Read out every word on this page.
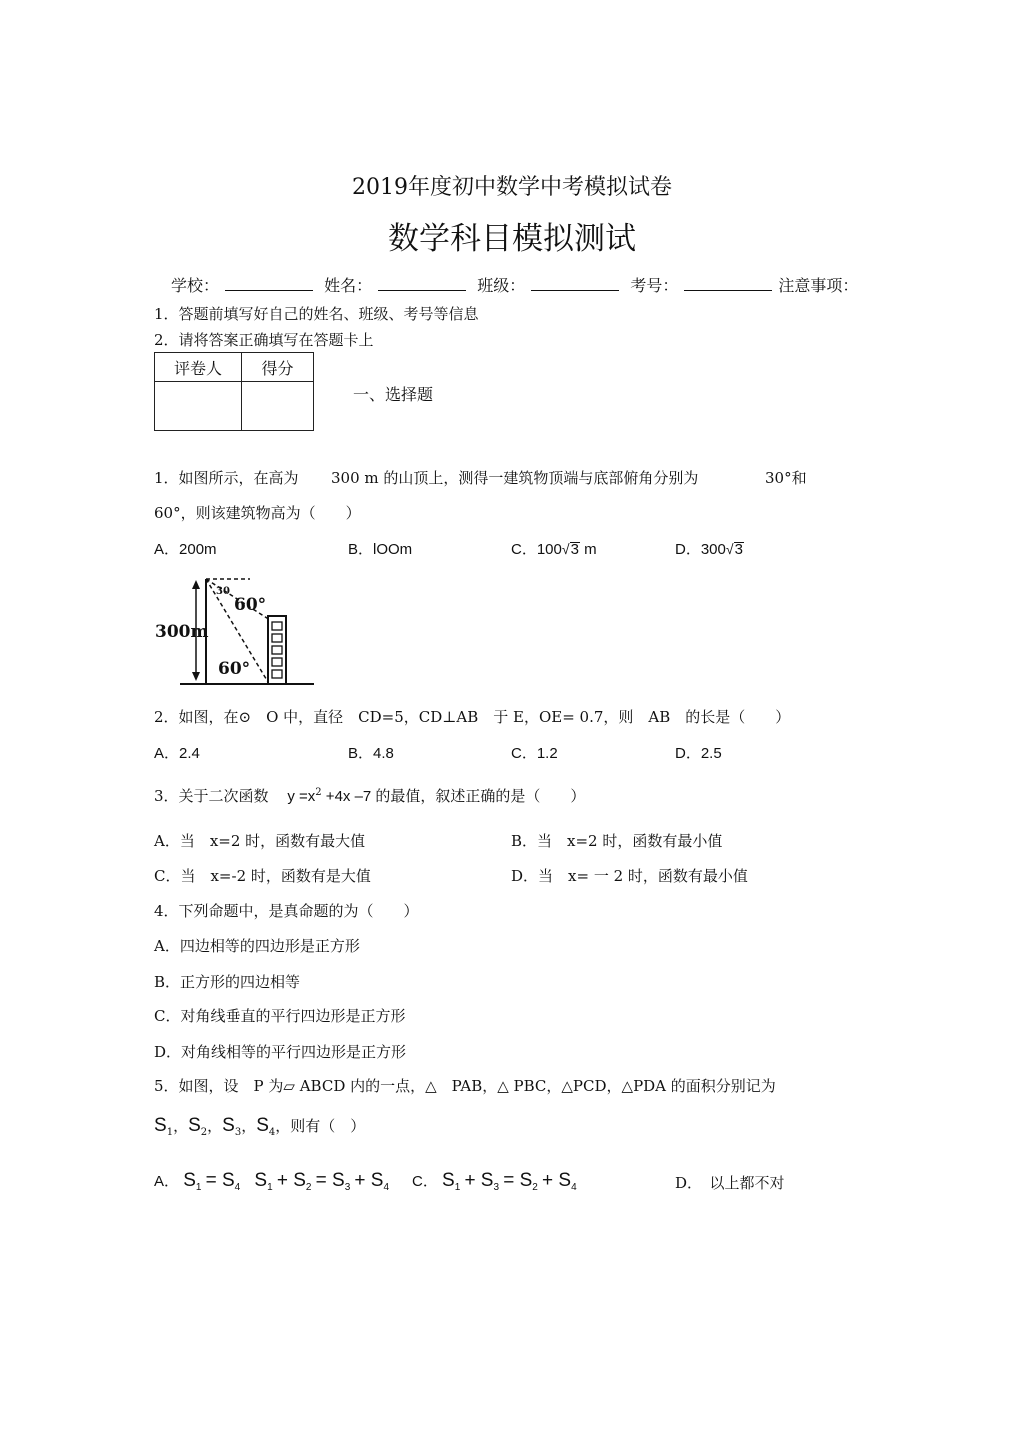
2019年度初中数学中考模拟试卷
数学科目模拟测试
学校：	姓名：	班级：	考号：	注意事项：
1．答题前填写好自己的姓名、班级、考号等信息
2．请将答案正确填写在答题卡上
评卷人	得分

一、选择题
1．如图所示，在高为 300 m 的山顶上，测得一建筑物顶端与底部俯角分别为	30°和
60°，则该建筑物高为（　　）
A．200m	B．lOOm	C．100√3 m	D．300√3
300m
60°
60°
30
2．如图，在⊙　O 中，直径　CD=5，CD⊥AB　于 E，OE= 0.7，则　AB　的长是（　　）
A．2.4	B．4.8	C．1.2	D．2.5
3．关于二次函数 $y =x^2 +4x$ –7 的最值，叙述正确的是（　　）
A．当　x=2 时，函数有最大值	B．当　x=2 时，函数有最小值
C．当　x=-2 时，函数有是大值	D．当　x= 一 2 时，函数有最小值
4．下列命题中，是真命题的为（　　）
A．四边相等的四边形是正方形
B．正方形的四边相等
C．对角线垂直的平行四边形是正方形
D．对角线相等的平行四边形是正方形
5．如图，设　P 为▱ ABCD 内的一点，△　PAB，△ PBC，△PCD，△PDA 的面积分别记为
$S_1$，$S_2$，$S_3$，$S_4$，则有（　）
A． $S_1 = S_4$ $S_1 + S_2 = S_3 + S_4$ C． $S_1 + S_3 = S_2 + S_4$	D．　以上都不对
